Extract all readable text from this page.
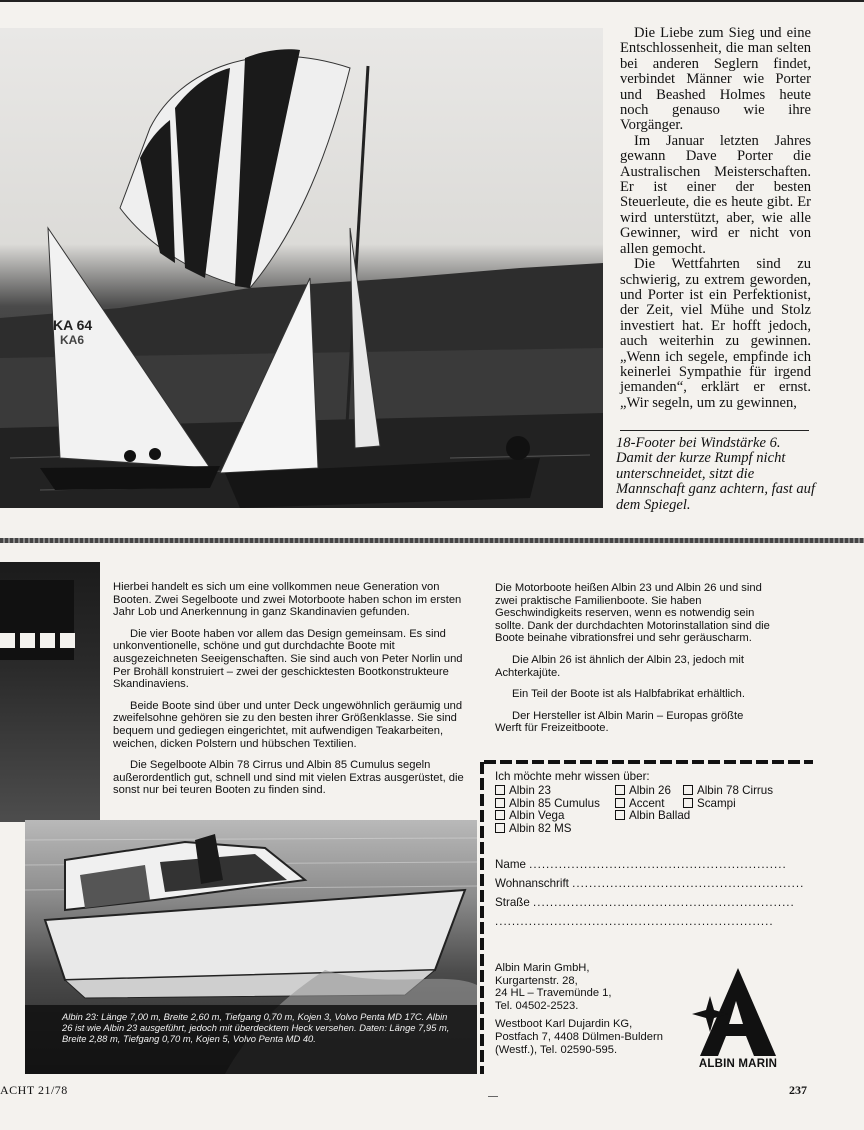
KA 64
KA6

Die Liebe zum Sieg und eine Entschlossenheit, die man selten bei anderen Seglern findet, verbindet Männer wie Porter und Beashed Holmes heute noch genauso wie ihre Vorgänger.

Im Januar letzten Jahres gewann Dave Porter die Australischen Meisterschaften. Er ist einer der besten Steuerleute, die es heute gibt. Er wird unterstützt, aber, wie alle Gewinner, wird er nicht von allen gemocht.

Die Wettfahrten sind zu schwierig, zu extrem geworden, und Porter ist ein Perfektionist, der Zeit, viel Mühe und Stolz investiert hat. Er hofft jedoch, auch weiterhin zu gewinnen. „Wenn ich segele, empfinde ich keinerlei Sympathie für irgend jemanden“, erklärt er ernst. „Wir segeln, um zu gewinnen,

18-Footer bei Windstärke 6. Damit der kurze Rumpf nicht unterschneidet, sitzt die Mannschaft ganz achtern, fast auf dem Spiegel.

Hierbei handelt es sich um eine vollkommen neue Generation von Booten. Zwei Segelboote und zwei Motorboote haben schon im ersten Jahr Lob und Anerkennung in ganz Skandinavien gefunden.

Die vier Boote haben vor allem das Design gemeinsam. Es sind unkonventionelle, schöne und gut durchdachte Boote mit ausgezeichneten Seeigenschaften. Sie sind auch von Peter Norlin und Per Brohäll konstruiert – zwei der geschicktesten Bootkonstrukteure Skandinaviens.

Beide Boote sind über und unter Deck ungewöhnlich geräumig und zweifelsohne gehören sie zu den besten ihrer Größenklasse. Sie sind bequem und gediegen eingerichtet, mit aufwendigen Teakarbeiten, weichen, dicken Polstern und hübschen Textilien.

Die Segelboote Albin 78 Cirrus und Albin 85 Cumulus segeln außerordentlich gut, schnell und sind mit vielen Extras ausgerüstet, die sonst nur bei teuren Booten zu finden sind.

Die Motorboote heißen Albin 23 und Albin 26 und sind zwei praktische Familienboote. Sie haben Geschwindigkeits reserven, wenn es notwendig sein sollte. Dank der durchdachten Motorinstallation sind die Boote beinahe vibrationsfrei und sehr geräuscharm.

Die Albin 26 ist ähnlich der Albin 23, jedoch mit Achterkajüte.

Ein Teil der Boote ist als Halbfabrikat erhältlich.

Der Hersteller ist Albin Marin – Europas größte Werft für Freizeitboote.

Albin 23: Länge 7,00 m, Breite 2,60 m, Tiefgang 0,70 m, Kojen 3, Volvo Penta MD 17C. Albin 26 ist wie Albin 23 ausgeführt, jedoch mit überdecktem Heck versehen. Daten: Länge 7,95 m, Breite 2,88 m, Tiefgang 0,70 m, Kojen 5, Volvo Penta MD 40.
Ich möchte mehr wissen über:
Albin 23	Albin 26	Albin 78 Cirrus
Albin 85 Cumulus	Accent	Scampi
Albin Vega	Albin Ballad
Albin 82 MS
Name .............................................................
Wohnanschrift .......................................................
Straße ..............................................................
..................................................................
Albin Marin GmbH,
Kurgartenstr. 28,
24 HL – Travemünde 1,

Tel. 04502-2523.

Westboot Karl Dujardin KG,
Postfach 7, 4408 Dülmen-Buldern
(Westf.), Tel. 02590-595.
ALBIN MARIN
ACHT 21/78	237
